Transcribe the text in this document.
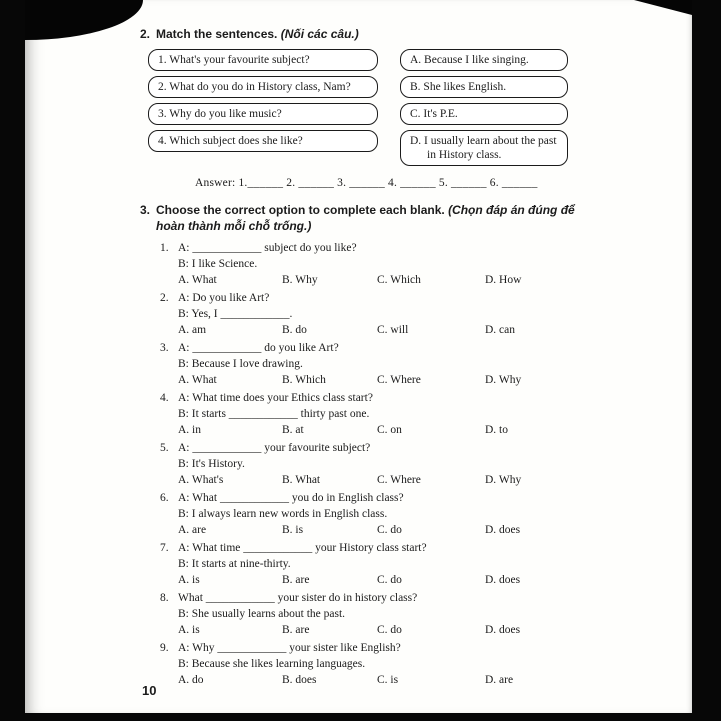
2. Match the sentences. (Nối các câu.)
1. What's your favourite subject?
2. What do you do in History class, Nam?
3. Why do you like music?
4. Which subject does she like?
A. Because I like singing.
B. She likes English.
C. It's P.E.
D. I usually learn about the past in History class.
Answer: 1.______ 2. ______ 3. ______ 4. ______ 5. ______ 6. ______
3. Choose the correct option to complete each blank. (Chọn đáp án đúng để hoàn thành mỗi chỗ trống.)
1. A: ____________ subject do you like?
B: I like Science.
A. What	B. Why	C. Which	D. How
2. A: Do you like Art?
B: Yes, I ____________.
A. am	B. do	C. will	D. can
3. A: ____________ do you like Art?
B: Because I love drawing.
A. What	B. Which	C. Where	D. Why
4. A: What time does your Ethics class start?
B: It starts ____________ thirty past one.
A. in	B. at	C. on	D. to
5. A: ____________ your favourite subject?
B: It's History.
A. What's	B. What	C. Where	D. Why
6. A: What ____________ you do in English class?
B: I always learn new words in English class.
A. are	B. is	C. do	D. does
7. A: What time ____________ your History class start?
B: It starts at nine-thirty.
A. is	B. are	C. do	D. does
8. What ____________ your sister do in history class?
B: She usually learns about the past.
A. is	B. are	C. do	D. does
9. A: Why ____________ your sister like English?
B: Because she likes learning languages.
A. do	B. does	C. is	D. are
10
